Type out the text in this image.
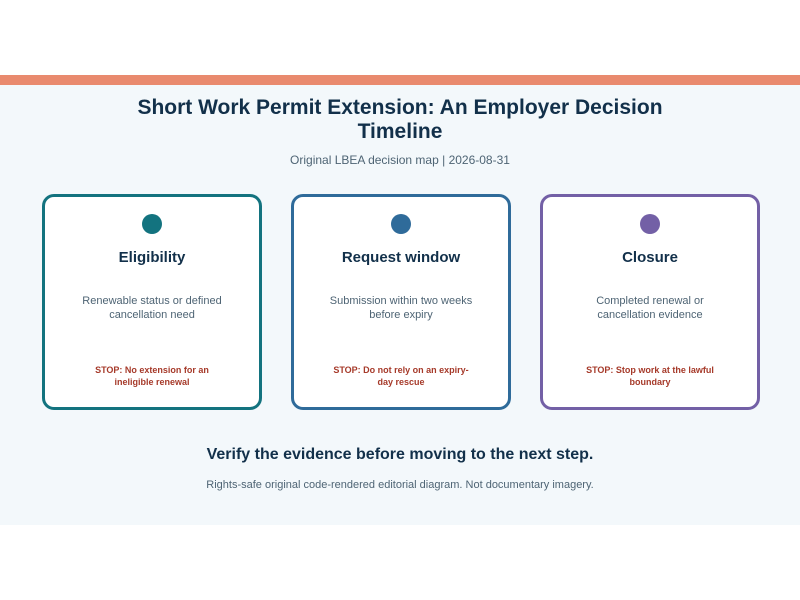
Short Work Permit Extension: An Employer Decision Timeline
Original LBEA decision map | 2026-08-31
Eligibility
Renewable status or defined cancellation need
STOP: No extension for an ineligible renewal
Request window
Submission within two weeks before expiry
STOP: Do not rely on an expiry-day rescue
Closure
Completed renewal or cancellation evidence
STOP: Stop work at the lawful boundary
Verify the evidence before moving to the next step.
Rights-safe original code-rendered editorial diagram. Not documentary imagery.
